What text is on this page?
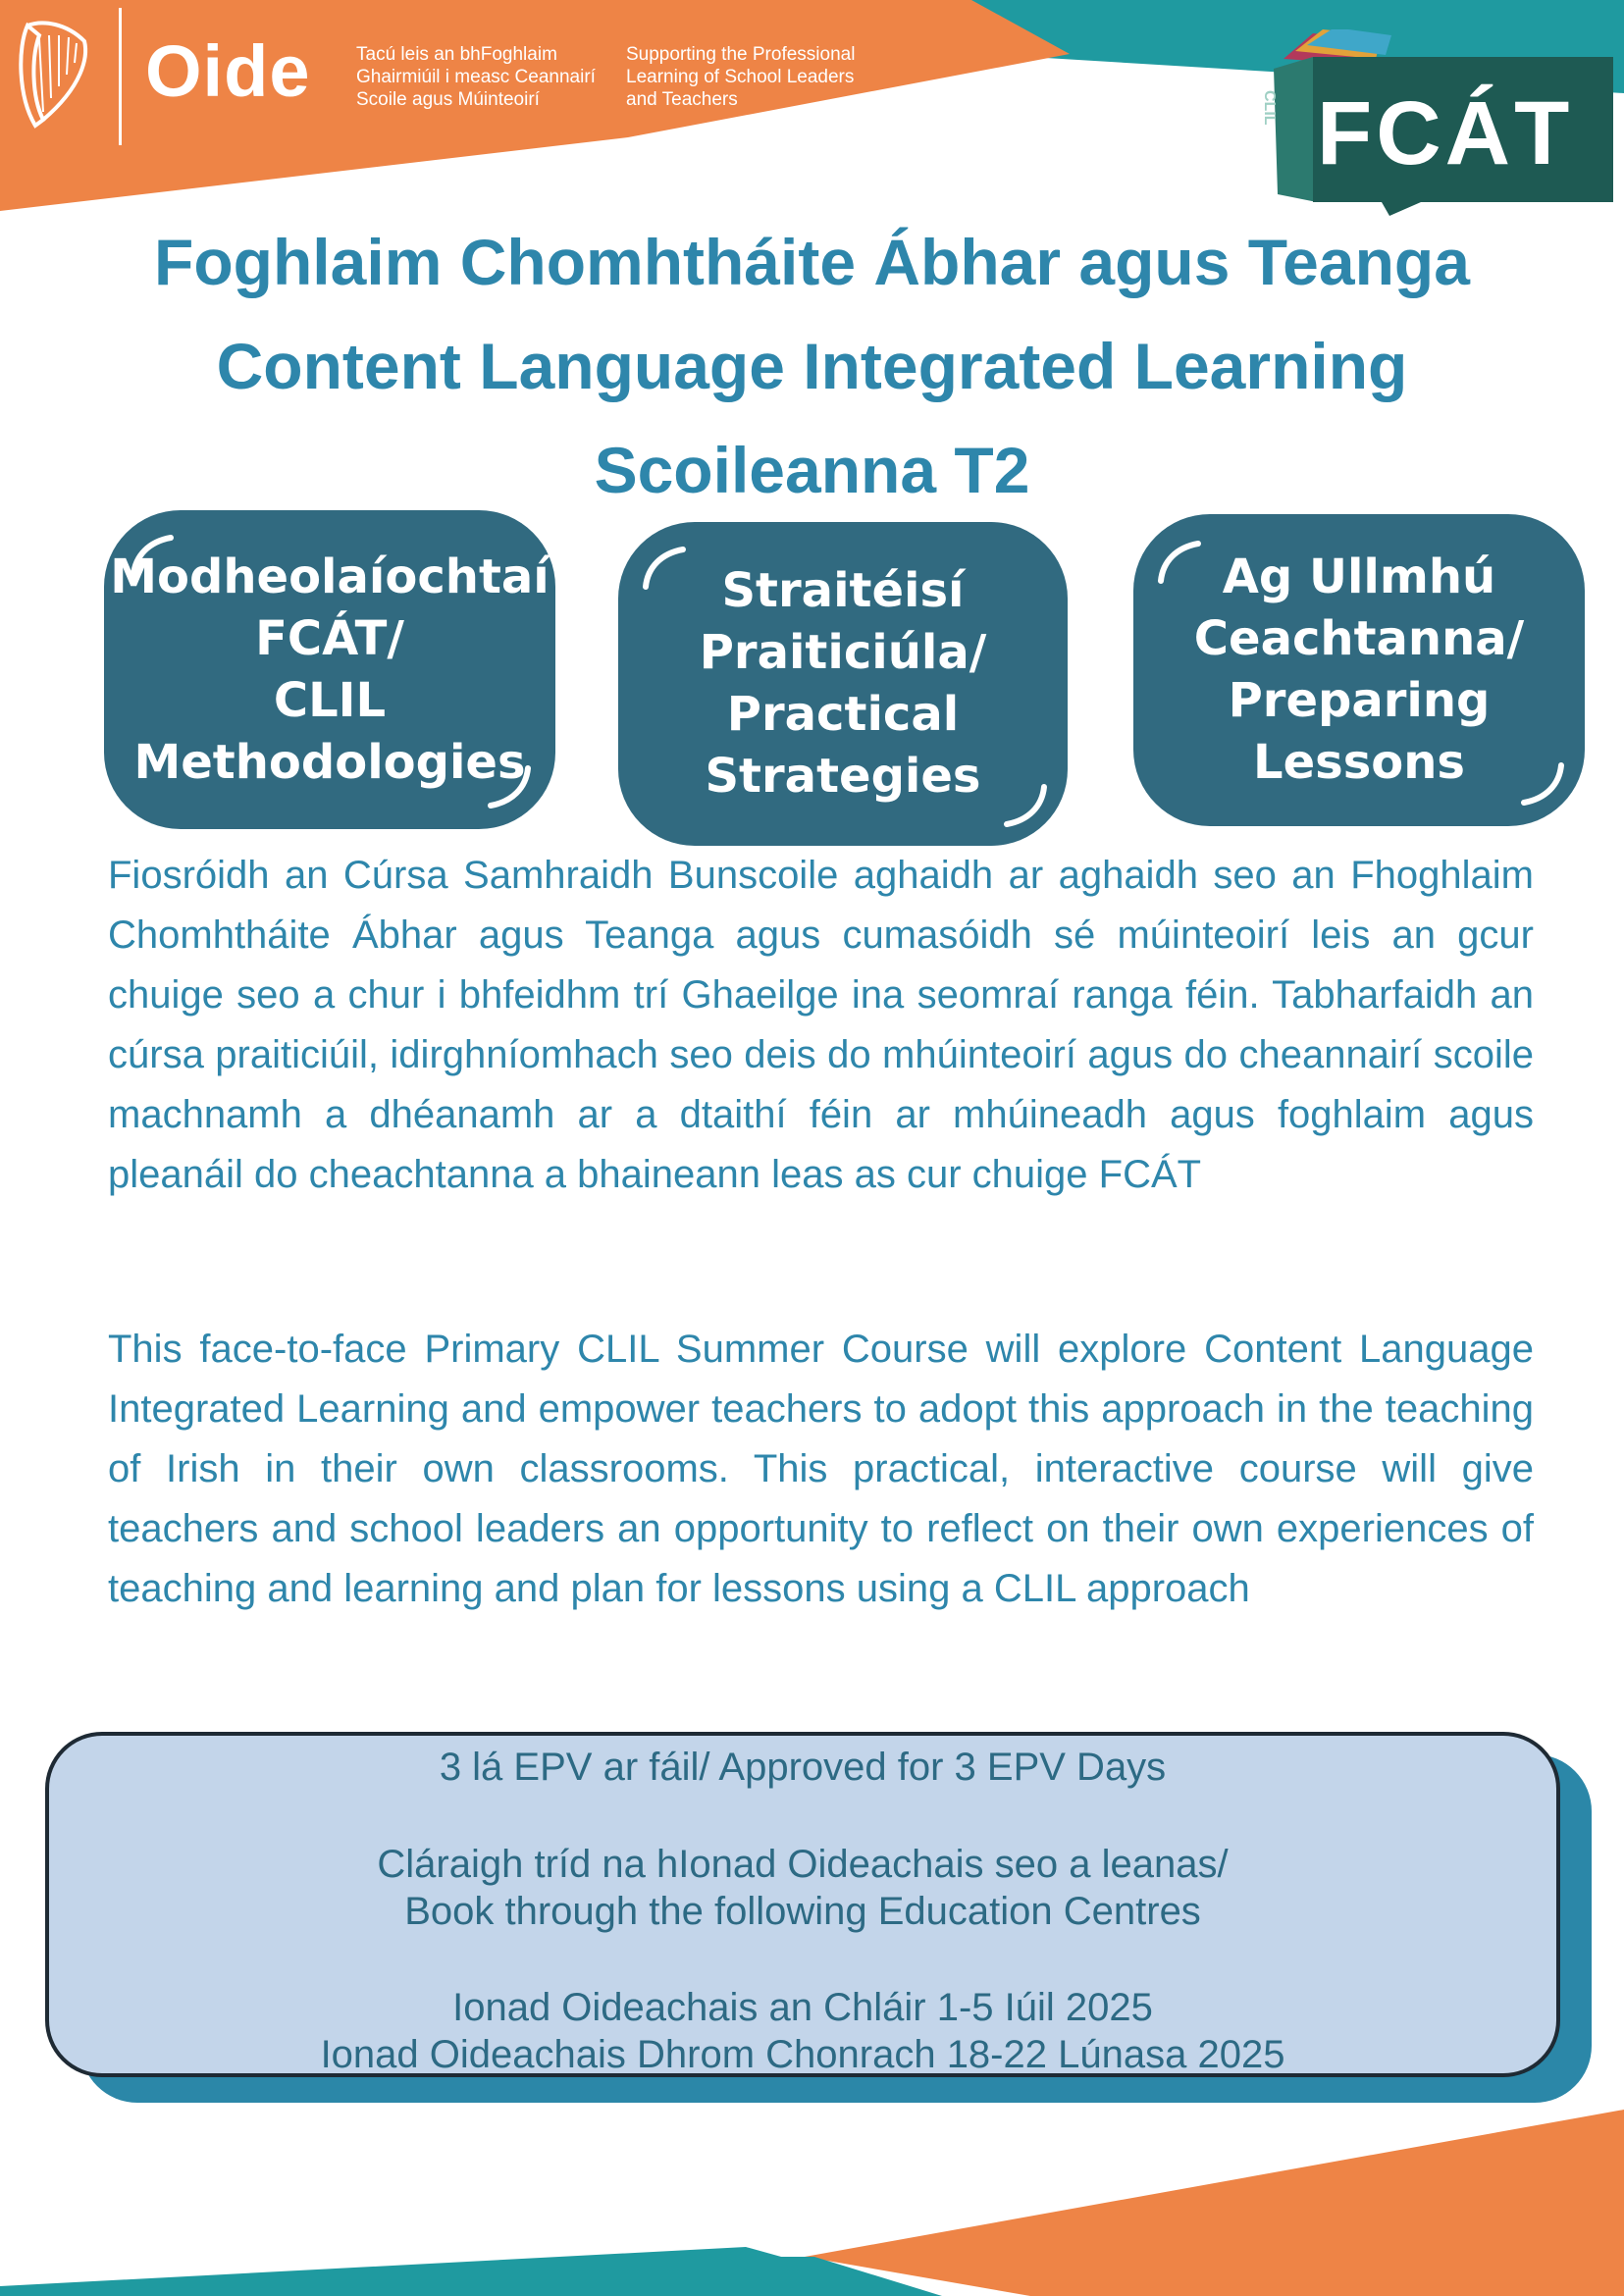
Oide Tacú leis an bhFoghlaim
Ghairmiúil i measc Ceannairí
Scoile agus Múinteoirí
Supporting the Professional
Learning of School Leaders
and Teachers	FCÁT
CLIL
Foghlaim Chomhtháite Ábhar agus Teanga
Content Language Integrated Learning
Scoileanna T2
Modheolaíochtaí
FCÁT/
CLIL
Methodologies
Straitéisí
Praiticiúla/
Practical
Strategies
Ag Ullmhú
Ceachtanna/
Preparing
Lessons
Fiosróidh an Cúrsa Samhraidh Bunscoile aghaidh ar aghaidh seo an Fhoghlaim Chomhtháite Ábhar agus Teanga agus cumasóidh sé múinteoirí leis an gcur chuige seo a chur i bhfeidhm trí Ghaeilge ina seomraí ranga féin. Tabharfaidh an cúrsa praiticiúil, idirghníomhach seo deis do mhúinteoirí agus do cheannairí scoile machnamh a dhéanamh ar a dtaithí féin ar mhúineadh agus foghlaim agus pleanáil do cheachtanna a bhaineann leas as cur chuige FCÁT
This face-to-face Primary CLIL Summer Course will explore Content Language Integrated Learning and empower teachers to adopt this approach in the teaching of Irish in their own classrooms. This practical, interactive course will give teachers and school leaders an opportunity to reflect on their own experiences of teaching and learning and plan for lessons using a CLIL approach
3 lá EPV ar fáil/ Approved for 3 EPV Days
Cláraigh tríd na hIonad Oideachais seo a leanas/
Book through the following Education Centres
Ionad Oideachais an Chláir 1-5 Iúil 2025
Ionad Oideachais Dhrom Chonrach 18-22 Lúnasa 2025
